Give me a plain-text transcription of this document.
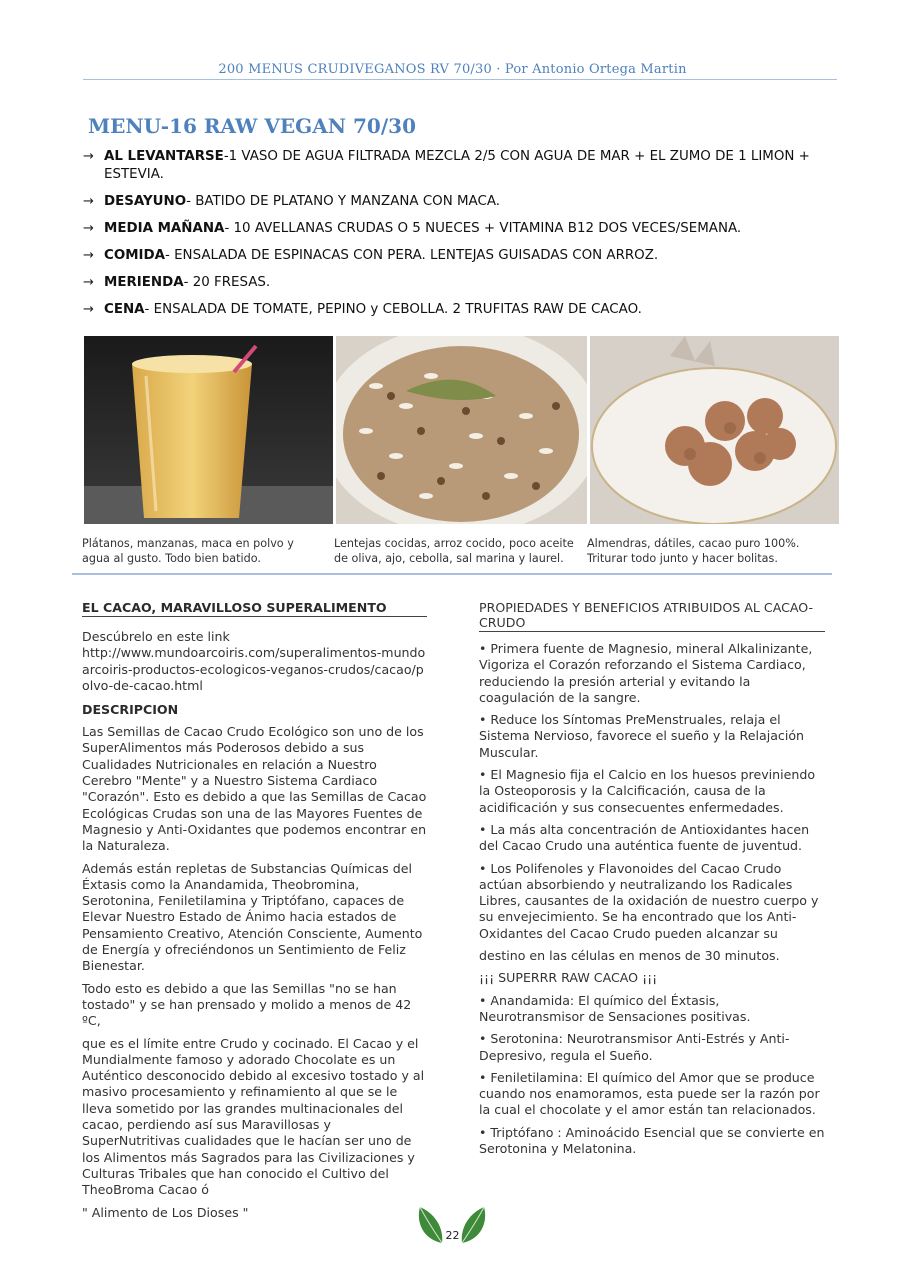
200 MENUS CRUDIVEGANOS RV 70/30 · Por Antonio Ortega Martin
MENU-16 RAW VEGAN 70/30
→ AL LEVANTARSE-1 VASO DE AGUA FILTRADA MEZCLA 2/5 CON AGUA DE MAR + EL ZUMO DE 1 LIMON + ESTEVIA.
→ DESAYUNO- BATIDO DE PLATANO Y MANZANA CON MACA.
→ MEDIA MAÑANA- 10 AVELLANAS CRUDAS O 5 NUECES + VITAMINA B12 DOS VECES/SEMANA.
→ COMIDA- ENSALADA DE ESPINACAS CON PERA. LENTEJAS GUISADAS CON ARROZ.
→ MERIENDA- 20 FRESAS.
→ CENA- ENSALADA DE TOMATE, PEPINO y CEBOLLA. 2 TRUFITAS RAW DE CACAO.
Plátanos, manzanas, maca en polvo y agua al gusto. Todo bien batido.
Lentejas cocidas, arroz cocido, poco aceite de oliva, ajo, cebolla, sal marina y laurel.
Almendras, dátiles, cacao puro 100%. Triturar todo junto y hacer bolitas.
EL CACAO, MARAVILLOSO SUPERALIMENTO
Descúbrelo en este link
http://www.mundoarcoiris.com/superalimentos-mundoarcoiris-productos-ecologicos-veganos-crudos/cacao/polvo-de-cacao.html
DESCRIPCION
Las Semillas de Cacao Crudo Ecológico son uno de los SuperAlimentos más Poderosos debido a sus Cualidades Nutricionales en relación a Nuestro Cerebro "Mente" y a Nuestro Sistema Cardiaco "Corazón". Esto es debido a que las Semillas de Cacao Ecológicas Crudas son una de las Mayores Fuentes de Magnesio y Anti-Oxidantes que podemos encontrar en la Naturaleza.
Además están repletas de Substancias Químicas del Éxtasis como la Anandamida, Theobromina, Serotonina, Feniletilamina y Triptófano, capaces de Elevar Nuestro Estado de Ánimo hacia estados de Pensamiento Creativo, Atención Consciente, Aumento de Energía y ofreciéndonos un Sentimiento de Feliz Bienestar.
Todo esto es debido a que las Semillas "no se han tostado" y se han prensado y molido a menos de 42 ºC,
que es el límite entre Crudo y cocinado. El Cacao y el Mundialmente famoso y adorado Chocolate es un Auténtico desconocido debido al excesivo tostado y al masivo procesamiento y refinamiento al que se le lleva sometido por las grandes multinacionales del cacao, perdiendo así sus Maravillosas y SuperNutritivas cualidades que le hacían ser uno de los Alimentos más Sagrados para las Civilizaciones y Culturas Tribales que han conocido el Cultivo del TheoBroma Cacao ó
" Alimento de Los Dioses "
PROPIEDADES Y BENEFICIOS ATRIBUIDOS AL CACAO-CRUDO
• Primera fuente de Magnesio, mineral Alkalinizante, Vigoriza el Corazón reforzando el Sistema Cardiaco, reduciendo la presión arterial y evitando la coagulación de la sangre.
• Reduce los Síntomas PreMenstruales, relaja el Sistema Nervioso, favorece el sueño y la Relajación Muscular.
• El Magnesio fija el Calcio en los huesos previniendo la Osteoporosis y la Calcificación, causa de la acidificación y sus consecuentes enfermedades.
• La más alta concentración de Antioxidantes hacen del Cacao Crudo una auténtica fuente de juventud.
• Los Polifenoles y Flavonoides del Cacao Crudo actúan absorbiendo y neutralizando los Radicales Libres, causantes de la oxidación de nuestro cuerpo y su envejecimiento. Se ha encontrado que los Anti-Oxidantes del Cacao Crudo pueden alcanzar su
destino en las células en menos de 30 minutos.
¡¡¡ SUPERRR RAW CACAO ¡¡¡
• Anandamida: El químico del Éxtasis, Neurotransmisor de Sensaciones positivas.
• Serotonina: Neurotransmisor Anti-Estrés y Anti-Depresivo, regula el Sueño.
• Feniletilamina: El químico del Amor que se produce cuando nos enamoramos, esta puede ser la razón por la cual el chocolate y el amor están tan relacionados.
• Triptófano : Aminoácido Esencial que se convierte en Serotonina y Melatonina.
22
